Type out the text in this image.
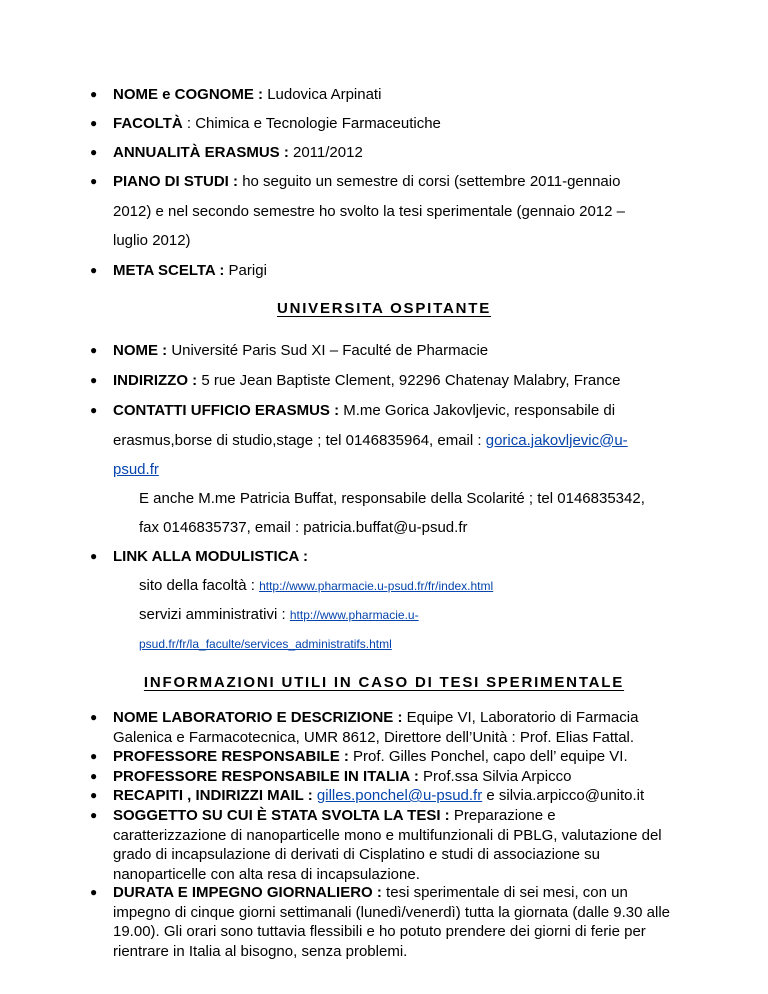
● NOME e COGNOME : Ludovica Arpinati
● FACOLTÀ : Chimica e Tecnologie Farmaceutiche
● ANNUALITÀ ERASMUS : 2011/2012
● PIANO DI STUDI : ho seguito un semestre di corsi (settembre 2011-gennaio 2012) e nel secondo semestre ho svolto la tesi sperimentale (gennaio 2012 – luglio 2012)
● META SCELTA : Parigi
UNIVERSITA OSPITANTE
● NOME : Université Paris Sud XI – Faculté de Pharmacie
● INDIRIZZO : 5 rue Jean Baptiste Clement, 92296 Chatenay Malabry, France
● CONTATTI UFFICIO ERASMUS : M.me Gorica Jakovljevic, responsabile di erasmus,borse di studio,stage ; tel 0146835964, email : gorica.jakovljevic@u-psud.fr
E anche M.me Patricia Buffat, responsabile della Scolarité ; tel 0146835342,
fax 0146835737, email : patricia.buffat@u-psud.fr
● LINK ALLA MODULISTICA :
sito della facoltà : http://www.pharmacie.u-psud.fr/fr/index.html
servizi amministrativi : http://www.pharmacie.u-
psud.fr/fr/la_faculte/services_administratifs.html
INFORMAZIONI UTILI IN CASO DI TESI SPERIMENTALE
● NOME LABORATORIO E DESCRIZIONE : Equipe VI, Laboratorio di Farmacia Galenica e Farmacotecnica, UMR 8612, Direttore dell’Unità : Prof. Elias Fattal.
● PROFESSORE RESPONSABILE : Prof. Gilles Ponchel, capo dell’ equipe VI.
● PROFESSORE RESPONSABILE IN ITALIA : Prof.ssa Silvia Arpicco
● RECAPITI , INDIRIZZI MAIL : gilles.ponchel@u-psud.fr e silvia.arpicco@unito.it
● SOGGETTO SU CUI È STATA SVOLTA LA TESI : Preparazione e caratterizzazione di nanoparticelle mono e multifunzionali di PBLG, valutazione del grado di incapsulazione di derivati di Cisplatino e studi di associazione su nanoparticelle con alta resa di incapsulazione.
● DURATA E IMPEGNO GIORNALIERO : tesi sperimentale di sei mesi, con un impegno di cinque giorni settimanali (lunedì/venerdì) tutta la giornata (dalle 9.30 alle 19.00). Gli orari sono tuttavia flessibili e ho potuto prendere dei giorni di ferie per rientrare in Italia al bisogno, senza problemi.
